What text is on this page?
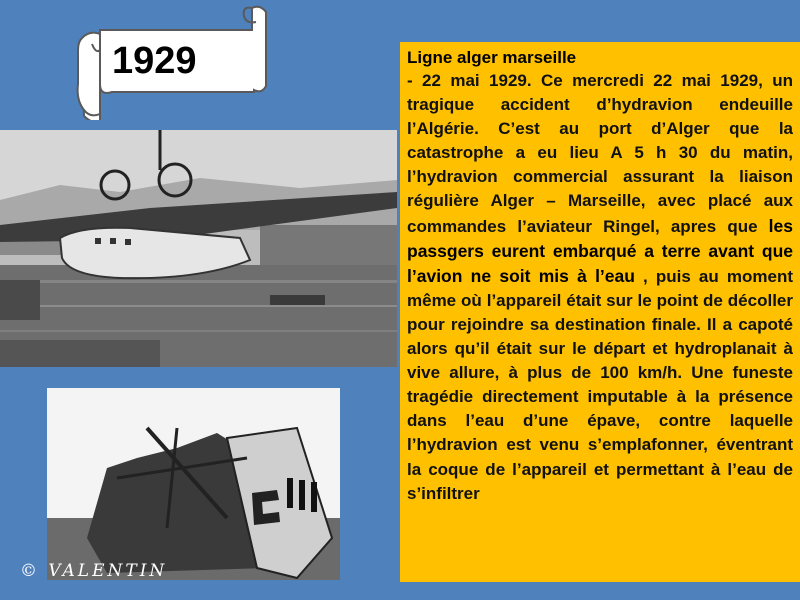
1929
© VALENTIN
Ligne alger marseille
- 22 mai 1929. Ce mercredi 22 mai 1929, un tragique accident d’hydravion endeuille l’Algérie. C’est au port d’Alger que la catastrophe a eu lieu A 5 h 30 du matin, l’hydravion commercial assurant la liaison régulière Alger – Marseille, avec placé aux commandes l’aviateur Ringel, apres que les passgers eurent embarqué a terre avant que l’avion ne soit mis à l’eau , puis au moment même où l’appareil était sur le point de décoller pour rejoindre sa destination finale. Il a capoté alors qu’il était sur le départ et hydroplanait à vive allure, à plus de 100 km/h. Une funeste tragédie directement imputable à la présence dans l’eau d’une épave, contre laquelle l’hydravion est venu s’emplafonner, éventrant la coque de l’appareil et permettant à l’eau de s’infiltrer
